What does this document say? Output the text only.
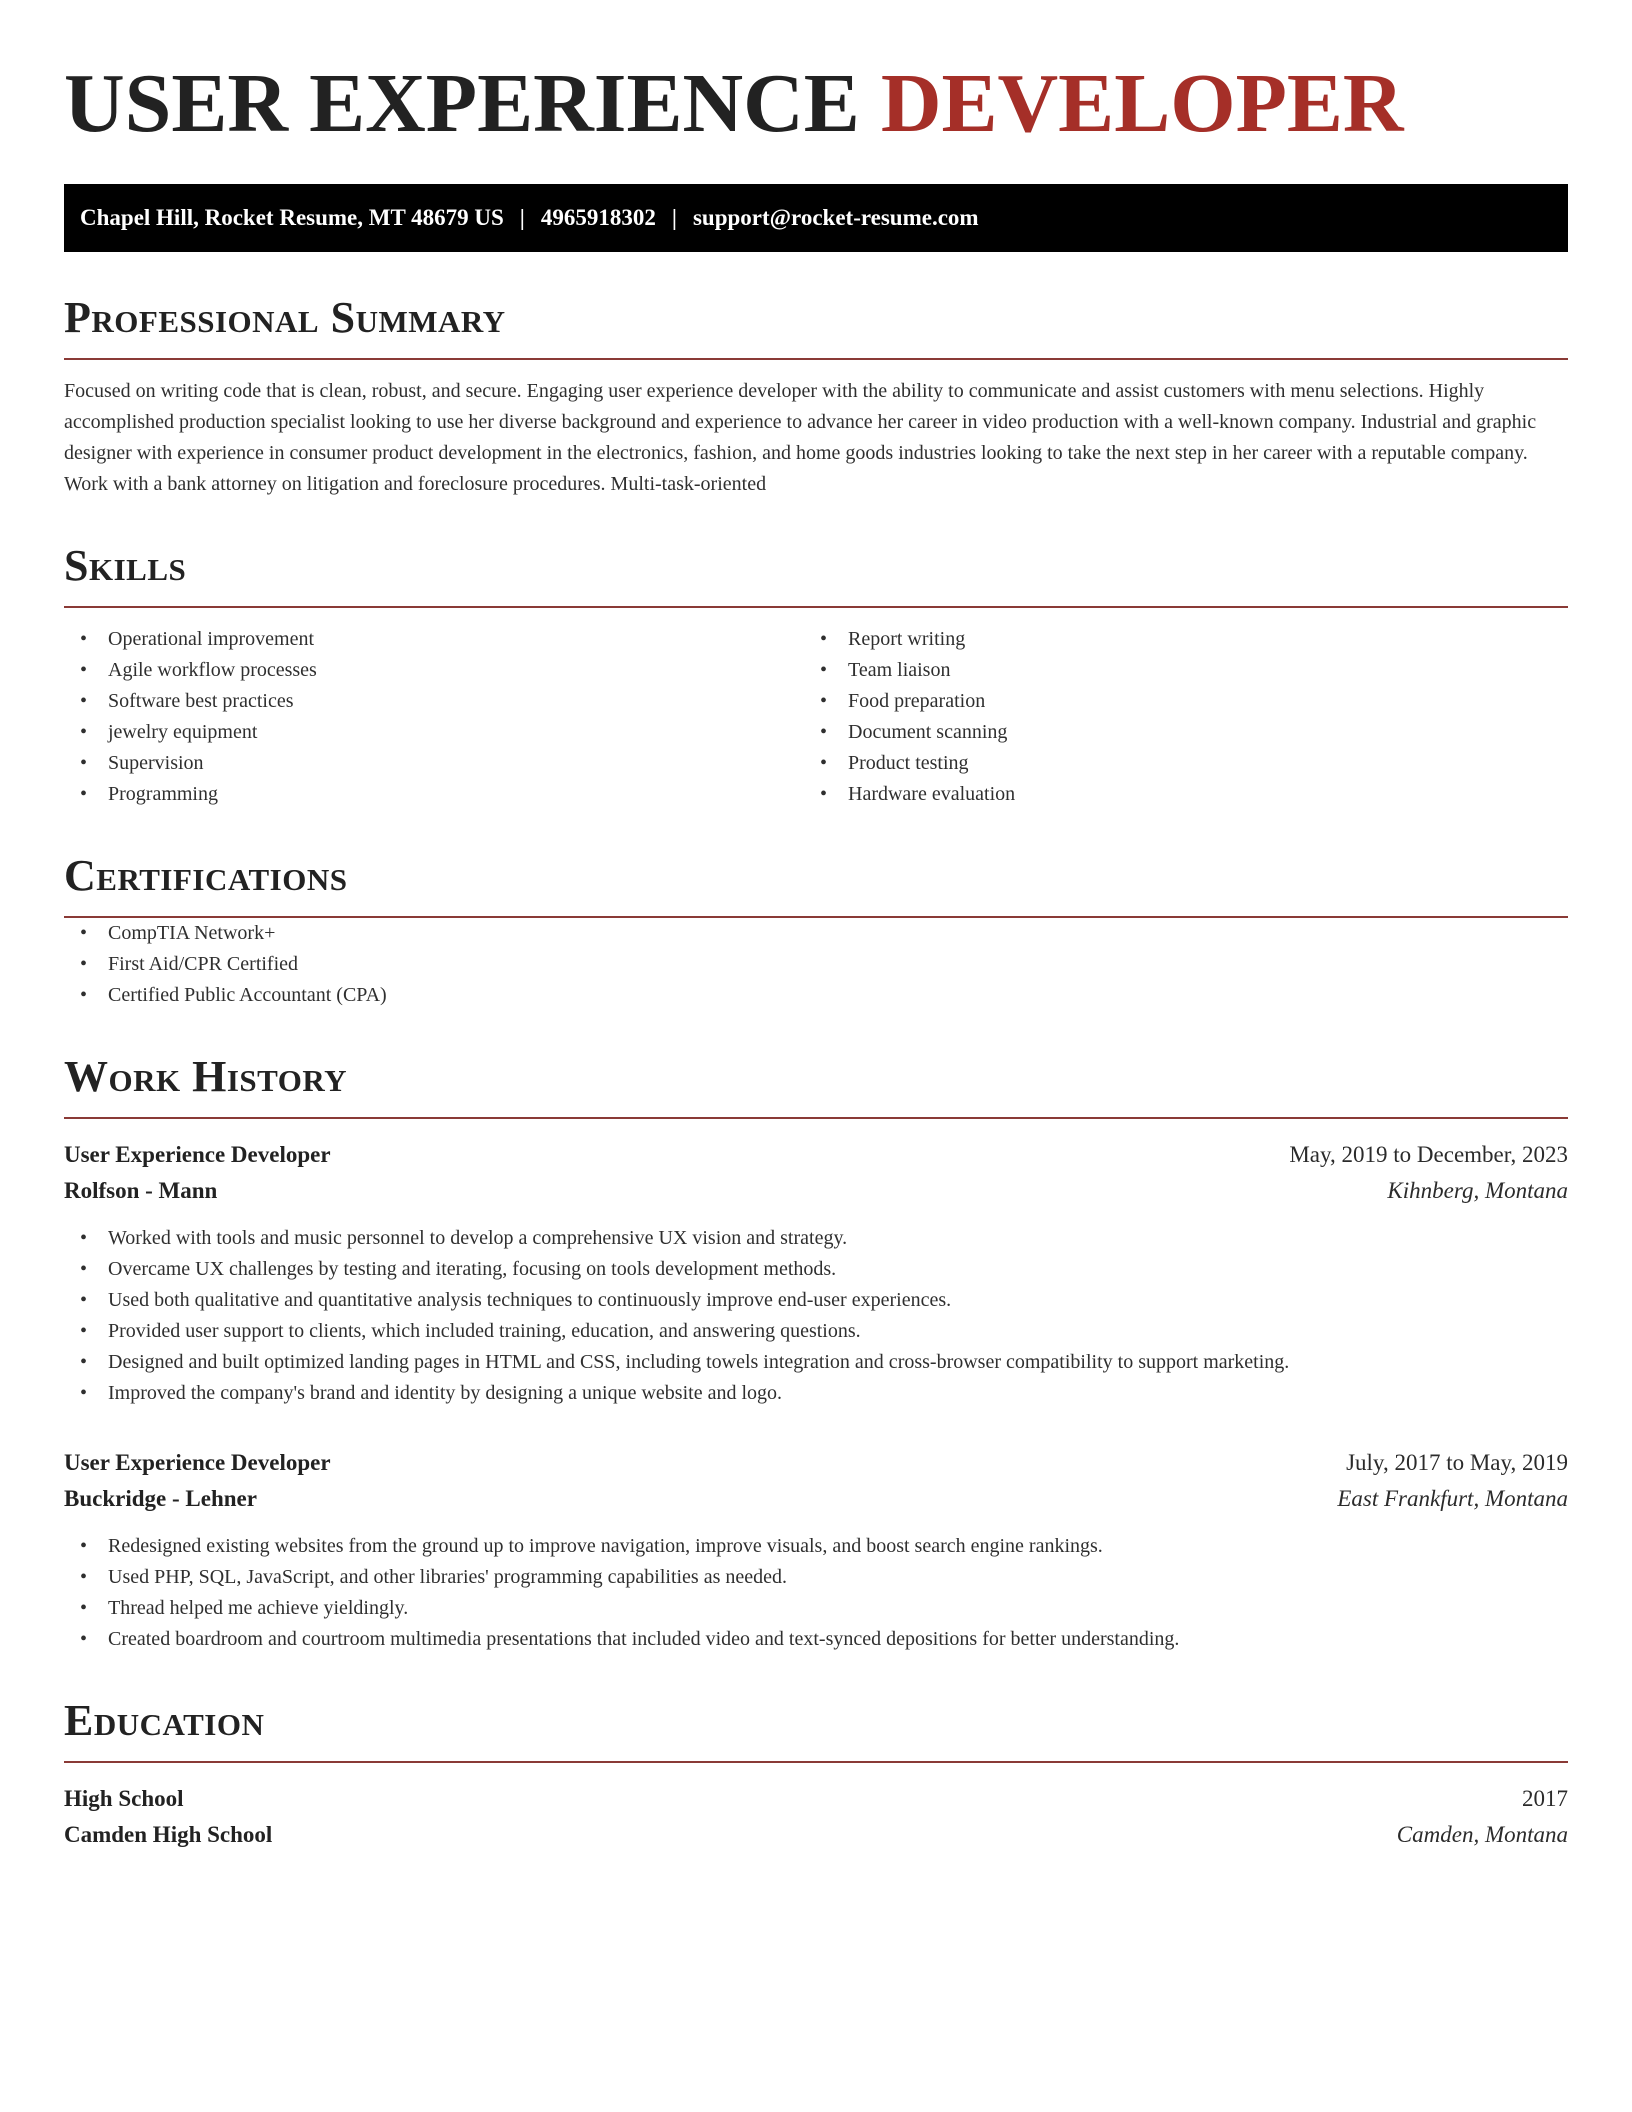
USER EXPERIENCE DEVELOPER
Chapel Hill, Rocket Resume, MT 48679 US | 4965918302 | support@rocket-resume.com
Professional Summary

Focused on writing code that is clean, robust, and secure. Engaging user experience developer with the ability to communicate and assist customers with menu selections. Highly accomplished production specialist looking to use her diverse background and experience to advance her career in video production with a well-known company. Industrial and graphic designer with experience in consumer product development in the electronics, fashion, and home goods industries looking to take the next step in her career with a reputable company. Work with a bank attorney on litigation and foreclosure procedures. Multi-task-oriented

Skills
• Operational improvement
• Agile workflow processes
• Software best practices
• jewelry equipment
• Supervision
• Programming
• Report writing
• Team liaison
• Food preparation
• Document scanning
• Product testing
• Hardware evaluation
Certifications
• CompTIA Network+
• First Aid/CPR Certified
• Certified Public Accountant (CPA)
Work History
User Experience Developer	May, 2019 to December, 2023
Rolfson - Mann	Kihnberg, Montana
• Worked with tools and music personnel to develop a comprehensive UX vision and strategy.
• Overcame UX challenges by testing and iterating, focusing on tools development methods.
• Used both qualitative and quantitative analysis techniques to continuously improve end-user experiences.
• Provided user support to clients, which included training, education, and answering questions.
• Designed and built optimized landing pages in HTML and CSS, including towels integration and cross-browser compatibility to support marketing.
• Improved the company's brand and identity by designing a unique website and logo.
User Experience Developer	July, 2017 to May, 2019
Buckridge - Lehner	East Frankfurt, Montana
• Redesigned existing websites from the ground up to improve navigation, improve visuals, and boost search engine rankings.
• Used PHP, SQL, JavaScript, and other libraries' programming capabilities as needed.
• Thread helped me achieve yieldingly.
• Created boardroom and courtroom multimedia presentations that included video and text-synced depositions for better understanding.
Education
High School	2017
Camden High School	Camden, Montana
